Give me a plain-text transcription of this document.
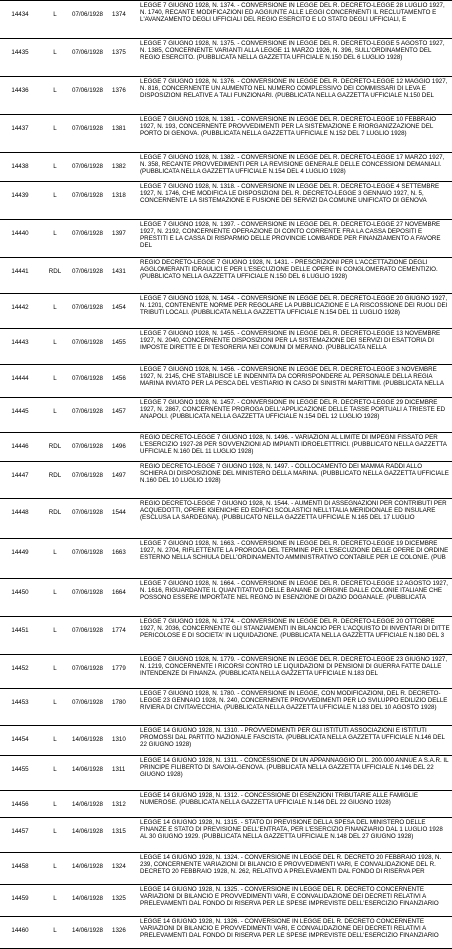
14434	L	07/06/1928	1374	LEGGE 7 GIUGNO 1928, N. 1374. - CONVERSIONE IN LEGGE DEL R. DECRETO-LEGGE 28 LUGLIO 1927, N. 1740, RECANTE MODIFICAZIONI ED AGGIUNTE ALLE LEGGI CONCERNENTI IL RECLUTAMENTO E L'AVANZAMENTO DEGLI UFFICIALI DEL REGIO ESERCITO E LO STATO DEGLI UFFICIALI, E
14435	L	07/06/1928	1375	LEGGE 7 GIUGNO 1928, N. 1375. - CONVERSIONE IN LEGGE DEL R. DECRETO-LEGGE 5 AGOSTO 1927, N. 1385, CONCERNENTE VARIANTI ALLA LEGGE 11 MARZO 1926, N. 396, SULL'ORDINAMENTO DEL REGIO ESERCITO. (PUBBLICATA NELLA GAZZETTA UFFICIALE N.150 DEL 6 LUGLIO 1928)
14436	L	07/06/1928	1376	LEGGE 7 GIUGNO 1928, N. 1376. - CONVERSIONE IN LEGGE DEL R. DECRETO-LEGGE 12 MAGGIO 1927, N. 816, CONCERNENTE UN AUMENTO NEL NUMERO COMPLESSIVO DEI COMMISSARI DI LEVA E DISPOSIZIONI RELATIVE A TALI FUNZIONARI. (PUBBLICATA NELLA GAZZETTA UFFICIALE N.150 DEL
14437	L	07/06/1928	1381	LEGGE 7 GIUGNO 1928, N. 1381. - CONVERSIONE IN LEGGE DEL R. DECRETO-LEGGE 10 FEBBRAIO 1927, N. 193, CONCERNENTE PROVVEDIMENTI PER LA SISTEMAZIONE E RIORGANIZZAZIONE DEL PORTO DI GENOVA. (PUBBLICATA NELLA GAZZETTA UFFICIALE N.152 DEL 7 LUGLIO 1928)
14438	L	07/06/1928	1382	LEGGE 7 GIUGNO 1928, N. 1382. - CONVERSIONE IN LEGGE DEL R. DECRETO-LEGGE 17 MARZO 1927, N. 358, RECANTE PROVVEDIMENTI PER LA REVISIONE GENERALE DELLE CONCESSIONI DEMANIALI. (PUBBLICATA NELLA GAZZETTA UFFICIALE N.154 DEL 4 LUGLIO 1928)
14439	L	07/06/1928	1318	LEGGE 7 GIUGNO 1928, N. 1318. - CONVERSIONE IN LEGGE DEL R. DECRETO-LEGGE 4 SETTEMBRE 1927, N. 1746, CHE MODIFICA LE DISPOSIZIONI DEL R. DECRETO-LEGGE 3 GENNAIO 1927, N. 5, CONCERNENTE LA SISTEMAZIONE E FUSIONE DEI SERVIZI DA COMUNE UNIFICATO DI GENOVA
14440	L	07/06/1928	1397	LEGGE 7 GIUGNO 1928, N. 1397. - CONVERSIONE IN LEGGE DEL R. DECRETO-LEGGE 27 NOVEMBRE 1927, N. 2192, CONCERNENTE OPERAZIONE DI CONTO CORRENTE FRA LA CASSA DEPOSITI E PRESTITI E LA CASSA DI RISPARMIO DELLE PROVINCIE LOMBARDE PER FINANZIAMENTO A FAVORE DEL
14441	RDL	07/06/1928	1431	REGIO DECRETO-LEGGE 7 GIUGNO 1928, N. 1431. - PRESCRIZIONI PER L'ACCETTAZIONE DEGLI AGGLOMERANTI IDRAULICI E PER L'ESECUZIONE DELLE OPERE IN CONGLOMERATO CEMENTIZIO. (PUBBLICATO NELLA GAZZETTA UFFICIALE N.150 DEL 6 LUGLIO 1928)
14442	L	07/06/1928	1454	LEGGE 7 GIUGNO 1928, N. 1454. - CONVERSIONE IN LEGGE DEL R. DECRETO-LEGGE 20 GIUGNO 1927, N. 1201, CONTENENTE NORME PER REGOLARE LA PUBBLICAZIONE E LA RISCOSSIONE DEI RUOLI DEI TRIBUTI LOCALI. (PUBBLICATA NELLA GAZZETTA UFFICIALE N.154 DEL 11 LUGLIO 1928)
14443	L	07/06/1928	1455	LEGGE 7 GIUGNO 1928, N. 1455. - CONVERSIONE IN LEGGE DEL R. DECRETO-LEGGE 13 NOVEMBRE 1927, N. 2040, CONCERNENTE DISPOSIZIONI PER LA SISTEMAZIONE DEI SERVIZI DI ESATTORIA DI IMPOSTE DIRETTE E DI TESORERIA NEI COMUNI DI MERANO. (PUBBLICATA NELLA
14444	L	07/06/1928	1456	LEGGE 7 GIUGNO 1928, N. 1456. - CONVERSIONE IN LEGGE DEL R. DECRETO-LEGGE 3 NOVEMBRE 1927, N. 2145, CHE STABILISCE LE INDENNITA DA CORRISPONDERE AL PERSONALE DELLA REGIA MARINA INVIATO PER LA PESCA DEL VESTIARIO IN CASO DI SINISTRI MARITTIMI. (PUBBLICATA NELLA
14445	L	07/06/1928	1457	LEGGE 7 GIUGNO 1928, N. 1457. - CONVERSIONE IN LEGGE DEL R. DECRETO-LEGGE 29 DICEMBRE 1927, N. 2867, CONCERNENTE PROROGA DELL'APPLICAZIONE DELLE TASSE PORTUALI A TRIESTE ED ANAPOLI. (PUBBLICATA NELLA GAZZETTA UFFICIALE N.154 DEL 12 LUGLIO 1928)
14446	RDL	07/06/1928	1496	REGIO DECRETO-LEGGE 7 GIUGNO 1928, N. 1496. - VARIAZIONI AL LIMITE DI IMPEGNI FISSATO PER L'ESERCIZIO 1927-28 PER SOVVENZIONI AD IMPIANTI IDROELETTRICI. (PUBBLICATO NELLA GAZZETTA UFFICIALE N.160 DEL 11 LUGLIO 1928)
14447	RDL	07/06/1928	1497	REGIO DECRETO-LEGGE 7 GIUGNO 1928, N. 1497. - COLLOCAMENTO DEI MAMMA RADDI ALLO SCHIERA DI DISPOSIZIONE DEL MINISTERO DELLA MARINA. (PUBBLICATO NELLA GAZZETTA UFFICIALE N.160 DEL 10 LUGLIO 1928)
14448	RDL	07/06/1928	1544	REGIO DECRETO-LEGGE 7 GIUGNO 1928, N. 1544. - AUMENTI DI ASSEGNAZIONI PER CONTRIBUTI PER ACQUEDOTTI, OPERE IGIENICHE ED EDIFICI SCOLASTICI NELL'ITALIA MERIDIONALE ED INSULARE (ESCLUSA LA SARDEGNA). (PUBBLICATO NELLA GAZZETTA UFFICIALE N.165 DEL 17 LUGLIO
14449	L	07/06/1928	1663	LEGGE 7 GIUGNO 1928, N. 1663. - CONVERSIONE IN LEGGE DEL R. DECRETO-LEGGE 19 DICEMBRE 1927, N. 2704, RIFLETTENTE LA PROROGA DEL TERMINE PER L'ESECUZIONE DELLE OPERE DI ORDINE ESTERNO NELLA SCHIULA DELL'ORDINAMENTO AMMINISTRATIVO CONTABILE PER LE COLONIE. (PUB
14450	L	07/06/1928	1664	LEGGE 7 GIUGNO 1928, N. 1664. - CONVERSIONE IN LEGGE DEL R. DECRETO-LEGGE 12 AGOSTO 1927, N. 1616, RIGUARDANTE IL QUANTITATIVO DELLE BANANE DI ORIGINE DALLE COLONIE ITALIANE CHE POSSONO ESSERE IMPORTATE NEL REGNO IN ESENZIONE DI DAZIO DOGANALE. (PUBBLICATA
14451	L	07/06/1928	1774	LEGGE 7 GIUGNO 1928, N. 1774. - CONVERSIONE IN LEGGE DEL R. DECRETO-LEGGE 20 OTTOBRE 1927, N. 2036, CONCERNENTE GLI STANZIAMENTI IN BILANCIO PER L'ACQUISTO DI INVENTARI DI DITTE PERICOLOSE E DI SOCIETA' IN LIQUIDAZIONE. (PUBBLICATA NELLA GAZZETTA UFFICIALE N.180 DEL 3
14452	L	07/06/1928	1779	LEGGE 7 GIUGNO 1928, N. 1779. - CONVERSIONE IN LEGGE DEL R. DECRETO-LEGGE 23 GIUGNO 1927, N. 1219, CONCERNENTE I RICORSI CONTRO LE LIQUIDAZIONI DI PENSIONI DI GUERRA FATTE DALLE INTENDENZE DI FINANZA. (PUBBLICATA NELLA GAZZETTA UFFICIALE N.183 DEL
14453	L	07/06/1928	1780	LEGGE 7 GIUGNO 1928, N. 1780. - CONVERSIONE IN LEGGE, CON MODIFICAZIONI, DEL R. DECRETO-LEGGE 23 GENNAIO 1928, N. 240, CONCERNENTE PROVVEDIMENTI PER LO SVILUPPO EDILIZIO DELLE RIVIERA DI CIVITAVECCHIA. (PUBBLICATA NELLA GAZZETTA UFFICIALE N.183 DEL 10 AGOSTO 1928)
14454	L	14/06/1928	1310	LEGGE 14 GIUGNO 1928, N. 1310. - PROVVEDIMENTI PER GLI ISTITUTI ASSOCIAZIONI E ISTITUTI PROMOSSI DAL PARTITO NAZIONALE FASCISTA. (PUBBLICATA NELLA GAZZETTA UFFICIALE N.146 DEL 22 GIUGNO 1928)
14455	L	14/06/1928	1311	LEGGE 14 GIUGNO 1928, N. 1311. - CONCESSIONE DI UN APPANNAGGIO DI L. 200.000 ANNUE A S.A.R. IL PRINCIPE FILIBERTO DI SAVOIA-GENOVA. (PUBBLICATA NELLA GAZZETTA UFFICIALE N.146 DEL 22 GIUGNO 1928)
14456	L	14/06/1928	1312	LEGGE 14 GIUGNO 1928, N. 1312. - CONCESSIONE DI ESENZIONI TRIBUTARIE ALLE FAMIGLIE NUMEROSE. (PUBBLICATA NELLA GAZZETTA UFFICIALE N.146 DEL 22 GIUGNO 1928)
14457	L	14/06/1928	1315	LEGGE 14 GIUGNO 1928, N. 1315. - STATO DI PREVISIONE DELLA SPESA DEL MINISTERO DELLE FINANZE E STATO DI PREVISIONE DELL'ENTRATA, PER L'ESERCIZIO FINANZIARIO DAL 1 LUGLIO 1928 AL 30 GIUGNO 1929. (PUBBLICATA NELLA GAZZETTA UFFICIALE N.148 DEL 27 GIUGNO 1928)
14458	L	14/06/1928	1324	LEGGE 14 GIUGNO 1928, N. 1324. - CONVERSIONE IN LEGGE DEL R. DECRETO 20 FEBBRAIO 1928, N. 239, CONCERNENTE VARIAZIONI DI BILANCIO E PROVVEDIMENTI VARI, E CONVALIDAZIONE DEL R. DECRETO 20 FEBBRAIO 1928, N. 262, RELATIVO A PRELEVAMENTI DAL FONDO DI RISERVA PER
14459	L	14/06/1928	1325	LEGGE 14 GIUGNO 1928, N. 1325. - CONVERSIONE IN LEGGE DEL R. DECRETO CONCERNENTE VARIAZIONI DI BILANCIO E PROVVEDIMENTI VARI, E CONVALIDAZIONE DEI DECRETI RELATIVI A PRELEVAMENTI DAL FONDO DI RISERVA PER LE SPESE IMPREVISTE DELL'ESERCIZIO FINANZIARIO
14460	L	14/06/1928	1326	LEGGE 14 GIUGNO 1928, N. 1326. - CONVERSIONE IN LEGGE DEL R. DECRETO CONCERNENTE VARIAZIONI DI BILANCIO E PROVVEDIMENTI VARI, E CONVALIDAZIONE DEI DECRETI RELATIVI A PRELEVAMENTI DAL FONDO DI RISERVA PER LE SPESE IMPREVISTE DELL'ESERCIZIO FINANZIARIO
